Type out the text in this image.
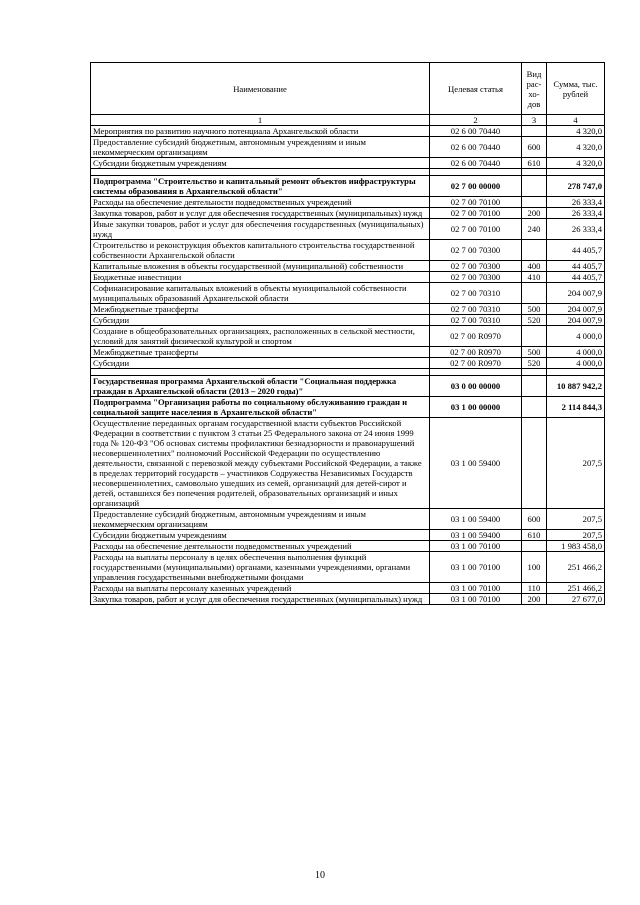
Наименование	Целевая статья	Вид рас-хо-дов	Сумма, тыс. рублей
1	2	3	4
Мероприятия по развитию научного потенциала Архангельской области	02 6 00 70440		4 320,0
Предоставление субсидий бюджетным, автономным учреждениям и иным некоммерческим организациям	02 6 00 70440	600	4 320,0
Субсидии бюджетным учреждениям	02 6 00 70440	610	4 320,0

Подпрограмма "Строительство и капитальный ремонт объектов инфраструктуры системы образования в Архангельской области"	02 7 00 00000		278 747,0
Расходы на обеспечение деятельности подведомственных учреждений	02 7 00 70100		26 333,4
Закупка товаров, работ и услуг для обеспечения государственных (муниципальных) нужд	02 7 00 70100	200	26 333,4
Иные закупки товаров, работ и услуг для обеспечения государственных (муниципальных) нужд	02 7 00 70100	240	26 333,4
Строительство и реконструкция объектов капитального строительства государственной собственности Архангельской области	02 7 00 70300		44 405,7
Капитальные вложения в объекты государственной (муниципальной) собственности	02 7 00 70300	400	44 405,7
Бюджетные инвестиции	02 7 00 70300	410	44 405,7
Софинансирование капитальных вложений в объекты муниципальной собственности муниципальных образований Архангельской области	02 7 00 70310		204 007,9
Межбюджетные трансферты	02 7 00 70310	500	204 007,9
Субсидии	02 7 00 70310	520	204 007,9
Создание в общеобразовательных организациях, расположенных в сельской местности, условий для занятий физической культурой и спортом	02 7 00 R0970		4 000,0
Межбюджетные трансферты	02 7 00 R0970	500	4 000,0
Субсидии	02 7 00 R0970	520	4 000,0

Государственная программа Архангельской области "Социальная поддержка граждан в Архангельской области (2013 – 2020 годы)"	03 0 00 00000		10 887 942,2
Подпрограмма "Организация работы по социальному обслуживанию граждан и социальной защите населения в Архангельской области"	03 1 00 00000		2 114 844,3
Осуществление переданных органам государственной власти субъектов Российской Федерации в соответствии с пунктом 3 статьи 25 Федерального закона от 24 июня 1999 года № 120-ФЗ "Об основах системы профилактики безнадзорности и правонарушений несовершеннолетних" полномочий Российской Федерации по осуществлению деятельности, связанной с перевозкой между субъектами Российской Федерации, а также в пределах территорий государств – участников Содружества Независимых Государств несовершеннолетних, самовольно ушедших из семей, организаций для детей-сирот и детей, оставшихся без попечения родителей, образовательных организаций и иных организаций	03 1 00 59400		207,5
Предоставление субсидий бюджетным, автономным учреждениям и иным некоммерческим организациям	03 1 00 59400	600	207,5
Субсидии бюджетным учреждениям	03 1 00 59400	610	207,5
Расходы на обеспечение деятельности подведомственных учреждений	03 1 00 70100		1 983 458,0
Расходы на выплаты персоналу в целях обеспечения выполнения функций государственными (муниципальными) органами, казенными учреждениями, органами управления государственными внебюджетными фондами	03 1 00 70100	100	251 466,2
Расходы на выплаты персоналу казенных учреждений	03 1 00 70100	110	251 466,2
Закупка товаров, работ и услуг для обеспечения государственных (муниципальных) нужд	03 1 00 70100	200	27 677,0
10
